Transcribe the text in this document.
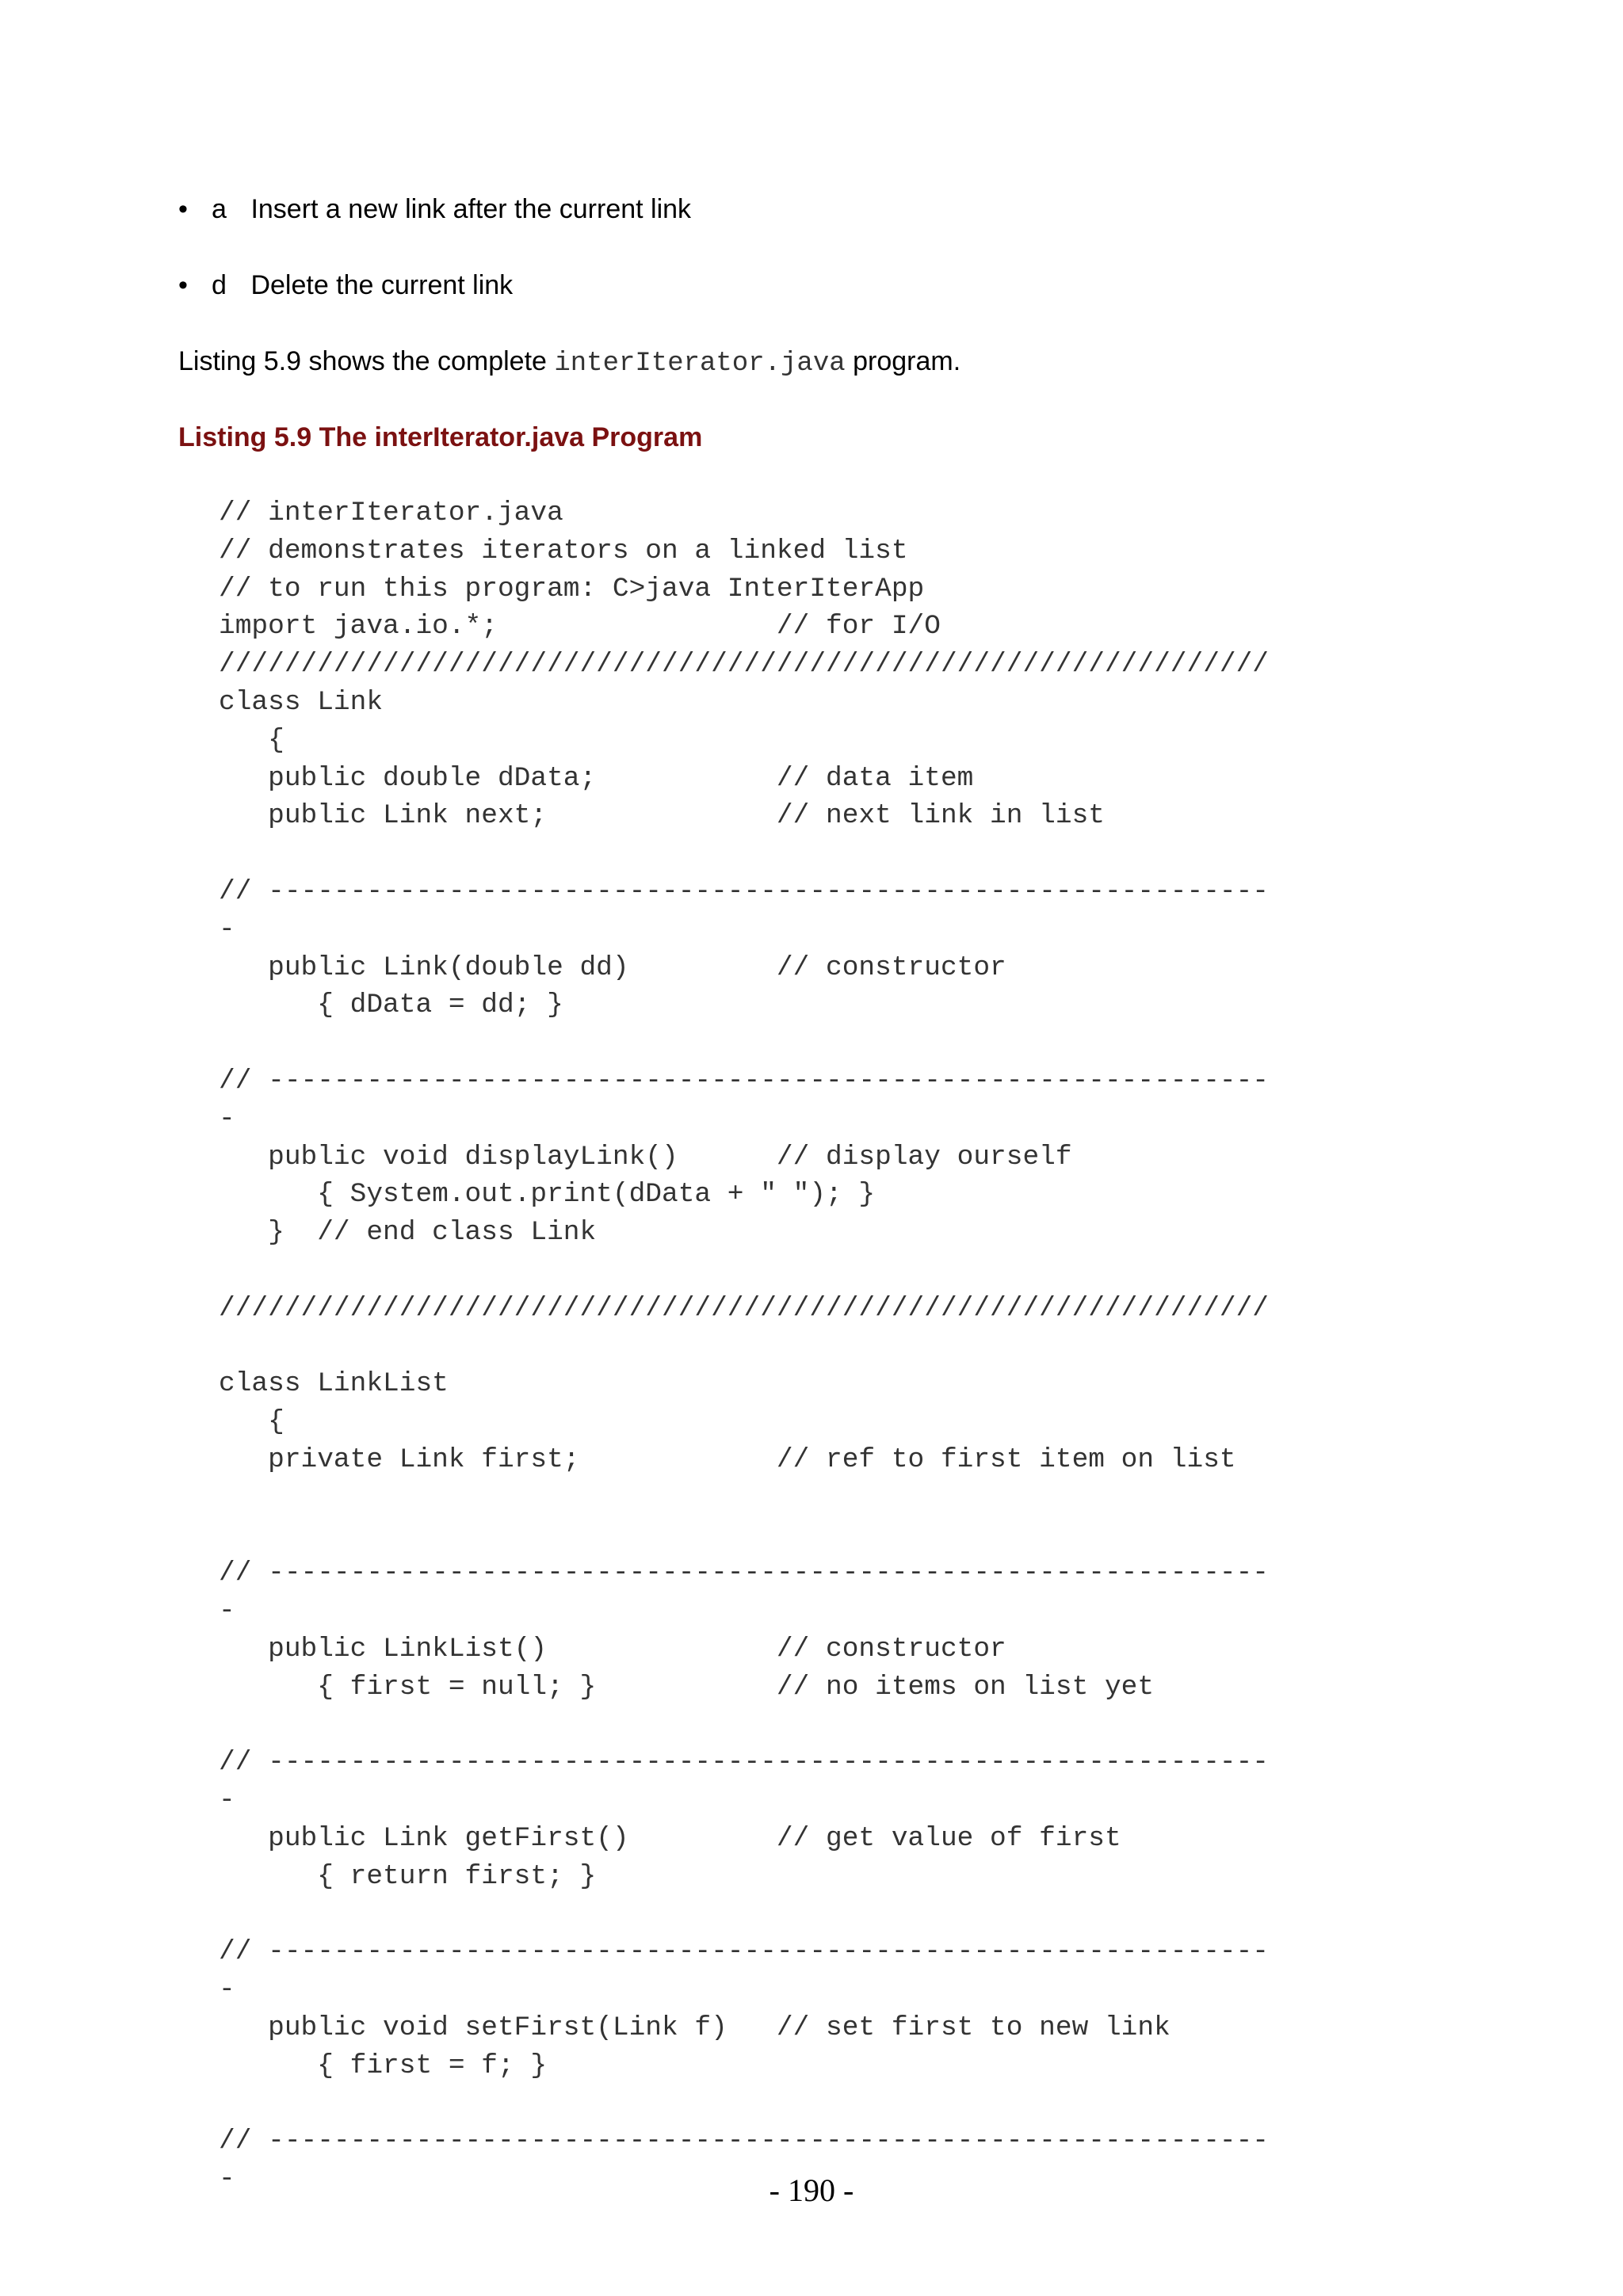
• a Insert a new link after the current link
• d Delete the current link
Listing 5.9 shows the complete interIterator.java program.
Listing 5.9 The interIterator.java Program
// interIterator.java
// demonstrates iterators on a linked list
// to run this program: C>java InterIterApp
import java.io.*;                 // for I/O
////////////////////////////////////////////////////////////////
class Link
{
public double dData;           // data item
public Link next;              // next link in list

// -------------------------------------------------------------
-
public Link(double dd)         // constructor
{ dData = dd; }

// -------------------------------------------------------------
-
public void displayLink()      // display ourself
{ System.out.print(dData + " "); }
}  // end class Link

////////////////////////////////////////////////////////////////

class LinkList
{
private Link first;            // ref to first item on list

// -------------------------------------------------------------
-
public LinkList()              // constructor
{ first = null; }           // no items on list yet

// -------------------------------------------------------------
-
public Link getFirst()         // get value of first
{ return first; }

// -------------------------------------------------------------
-
public void setFirst(Link f)   // set first to new link
{ first = f; }

// -------------------------------------------------------------
-	- 190 -
